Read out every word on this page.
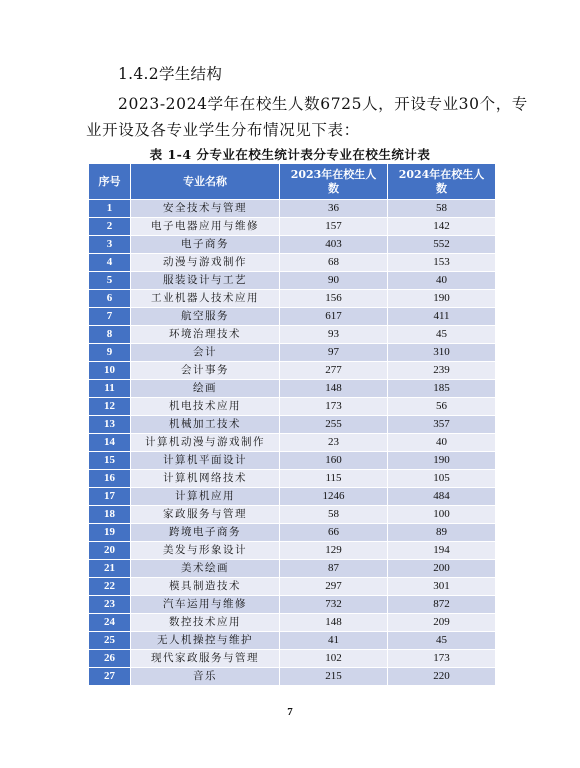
1.4.2学生结构
2023-2024学年在校生人数6725人，开设专业30个，专
业开设及各专业学生分布情况见下表：
表 1-4 分专业在校生统计表分专业在校生统计表
序号	专业名称	2023年在校生人数	2024年在校生人数
1	安全技术与管理	36	58
2	电子电器应用与维修	157	142
3	电子商务	403	552
4	动漫与游戏制作	68	153
5	服装设计与工艺	90	40
6	工业机器人技术应用	156	190
7	航空服务	617	411
8	环境治理技术	93	45
9	会计	97	310
10	会计事务	277	239
11	绘画	148	185
12	机电技术应用	173	56
13	机械加工技术	255	357
14	计算机动漫与游戏制作	23	40
15	计算机平面设计	160	190
16	计算机网络技术	115	105
17	计算机应用	1246	484
18	家政服务与管理	58	100
19	跨境电子商务	66	89
20	美发与形象设计	129	194
21	美术绘画	87	200
22	模具制造技术	297	301
23	汽车运用与维修	732	872
24	数控技术应用	148	209
25	无人机操控与维护	41	45
26	现代家政服务与管理	102	173
27	音乐	215	220
7
